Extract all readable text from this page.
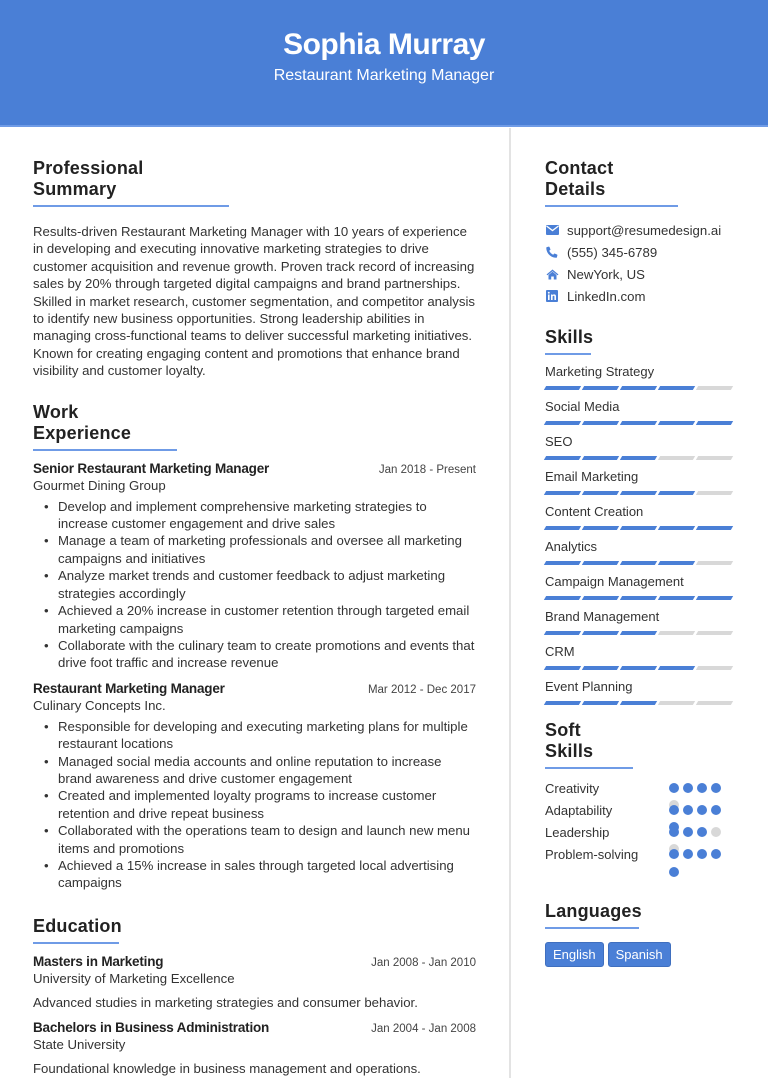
Sophia Murray
Restaurant Marketing Manager
Professional Summary

Results-driven Restaurant Marketing Manager with 10 years of experience in developing and executing innovative marketing strategies to drive customer acquisition and revenue growth. Proven track record of increasing sales by 20% through targeted digital campaigns and brand partnerships. Skilled in market research, customer segmentation, and competitor analysis to identify new business opportunities. Strong leadership abilities in managing cross-functional teams to deliver successful marketing initiatives. Known for creating engaging content and promotions that enhance brand visibility and customer loyalty.

Work Experience
Senior Restaurant Marketing Manager	Jan 2018 - Present
Gourmet Dining Group
• Develop and implement comprehensive marketing strategies to increase customer engagement and drive sales
• Manage a team of marketing professionals and oversee all marketing campaigns and initiatives
• Analyze market trends and customer feedback to adjust marketing strategies accordingly
• Achieved a 20% increase in customer retention through targeted email marketing campaigns
• Collaborate with the culinary team to create promotions and events that drive foot traffic and increase revenue
Restaurant Marketing Manager	Mar 2012 - Dec 2017
Culinary Concepts Inc.
• Responsible for developing and executing marketing plans for multiple restaurant locations
• Managed social media accounts and online reputation to increase brand awareness and drive customer engagement
• Created and implemented loyalty programs to increase customer retention and drive repeat business
• Collaborated with the operations team to design and launch new menu items and promotions
• Achieved a 15% increase in sales through targeted local advertising campaigns
Education
Masters in Marketing	Jan 2008 - Jan 2010
University of Marketing Excellence
Advanced studies in marketing strategies and consumer behavior.
Bachelors in Business Administration	Jan 2004 - Jan 2008
State University
Foundational knowledge in business management and operations.
Contact Details
support@resumedesign.ai
(555) 345-6789
NewYork, US
LinkedIn.com
Skills
Marketing Strategy
Social Media
SEO
Email Marketing
Content Creation
Analytics
Campaign Management
Brand Management
CRM
Event Planning
Soft Skills
Creativity
Adaptability
Leadership
Problem-solving
Languages
English	Spanish
